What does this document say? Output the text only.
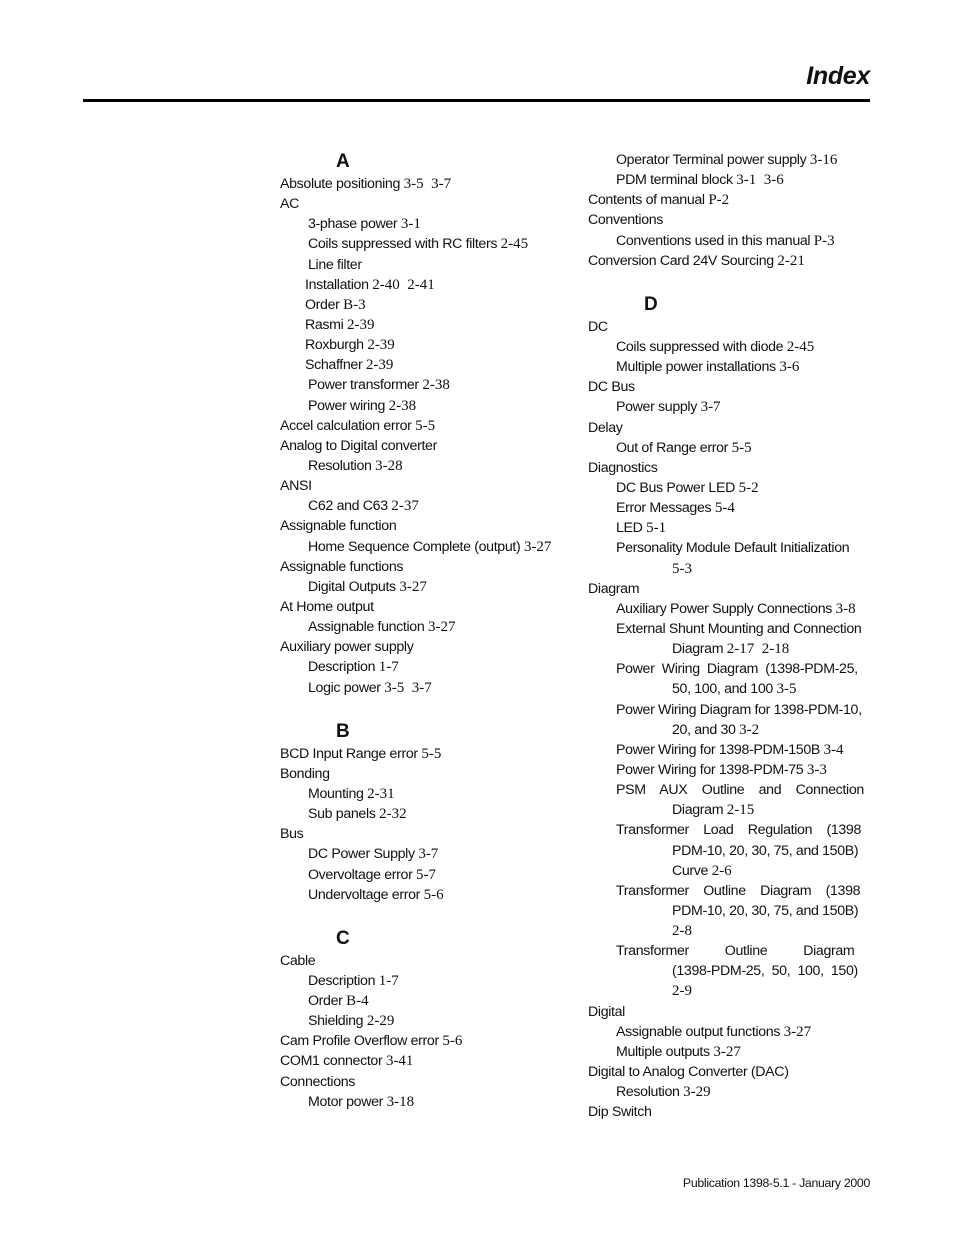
Index
A
Absolute positioning 3-5  3-7
AC
3-phase power 3-1
Coils suppressed with RC filters 2-45
Line filter
Installation 2-40  2-41
Order B-3
Rasmi 2-39
Roxburgh 2-39
Schaffner 2-39
Power transformer 2-38
Power wiring 2-38
Accel calculation error 5-5
Analog to Digital converter
Resolution 3-28
ANSI
C62 and C63 2-37
Assignable function
Home Sequence Complete (output) 3-27
Assignable functions
Digital Outputs 3-27
At Home output
Assignable function 3-27
Auxiliary power supply
Description 1-7
Logic power 3-5  3-7
B
BCD Input Range error 5-5
Bonding
Mounting 2-31
Sub panels 2-32
Bus
DC Power Supply 3-7
Overvoltage error 5-7
Undervoltage error 5-6
C
Cable
Description 1-7
Order B-4
Shielding 2-29
Cam Profile Overflow error 5-6
COM1 connector 3-41
Connections
Motor power 3-18
Operator Terminal power supply 3-16
PDM terminal block 3-1  3-6
Contents of manual P-2
Conventions
Conventions used in this manual P-3
Conversion Card 24V Sourcing 2-21
D
DC
Coils suppressed with diode 2-45
Multiple power installations 3-6
DC Bus
Power supply 3-7
Delay
Out of Range error 5-5
Diagnostics
DC Bus Power LED 5-2
Error Messages 5-4
LED 5-1
Personality Module Default Initialization
5-3
Diagram
Auxiliary Power Supply Connections 3-8
External Shunt Mounting and Connection
Diagram 2-17  2-18
Power  Wiring  Diagram  (1398-PDM-25,
50, 100, and 100 3-5
Power Wiring Diagram for 1398-PDM-10,
20, and 30 3-2
Power Wiring for 1398-PDM-150B 3-4
Power Wiring for 1398-PDM-75 3-3
PSM    AUX    Outline    and    Connection
Diagram 2-15
Transformer    Load    Regulation    (1398
PDM-10, 20, 30, 75, and 150B)
Curve 2-6
Transformer    Outline    Diagram    (1398
PDM-10, 20, 30, 75, and 150B)
2-8
Transformer          Outline          Diagram
(1398-PDM-25,  50,  100,  150)
2-9
Digital
Assignable output functions 3-27
Multiple outputs 3-27
Digital to Analog Converter (DAC)
Resolution 3-29
Dip Switch
Publication 1398-5.1 - January 2000
